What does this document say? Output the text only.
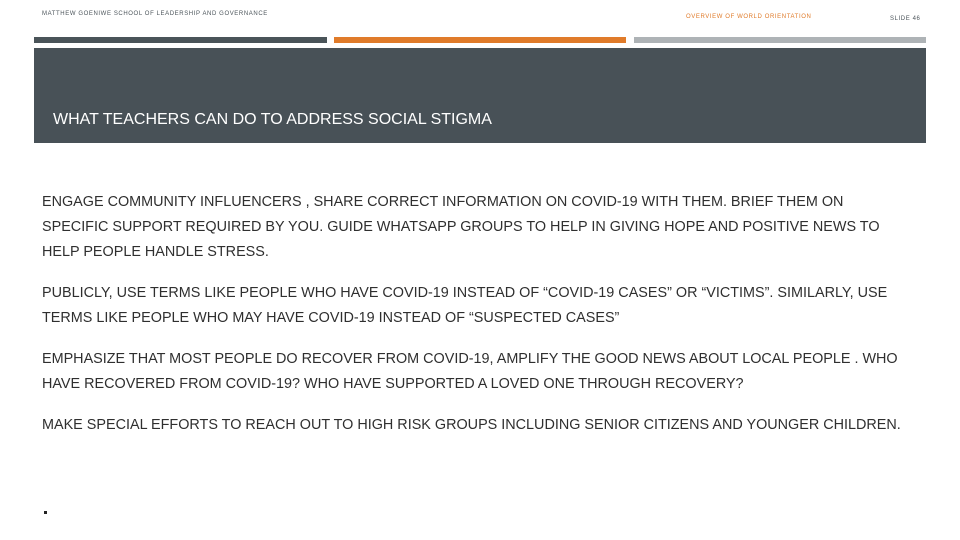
MATTHEW GOENIWE SCHOOL OF LEADERSHIP AND GOVERNANCE	OVERVIEW OF WORLD ORIENTATION	SLIDE 46
WHAT TEACHERS CAN DO TO ADDRESS SOCIAL STIGMA

ENGAGE COMMUNITY INFLUENCERS , SHARE CORRECT INFORMATION ON COVID-19 WITH THEM. BRIEF THEM ON SPECIFIC SUPPORT REQUIRED BY YOU. GUIDE WHATSAPP GROUPS TO HELP IN GIVING HOPE AND POSITIVE NEWS TO HELP PEOPLE HANDLE STRESS.

PUBLICLY, USE TERMS LIKE PEOPLE WHO HAVE COVID-19 INSTEAD OF “COVID-19 CASES” OR “VICTIMS”. SIMILARLY, USE TERMS LIKE PEOPLE WHO MAY HAVE COVID-19 INSTEAD OF “SUSPECTED CASES”

EMPHASIZE THAT MOST PEOPLE DO RECOVER FROM COVID-19, AMPLIFY THE GOOD NEWS ABOUT LOCAL PEOPLE . WHO HAVE RECOVERED FROM COVID-19? WHO HAVE SUPPORTED A LOVED ONE THROUGH RECOVERY?

MAKE SPECIAL EFFORTS TO REACH OUT TO HIGH RISK GROUPS INCLUDING SENIOR CITIZENS AND YOUNGER CHILDREN.
